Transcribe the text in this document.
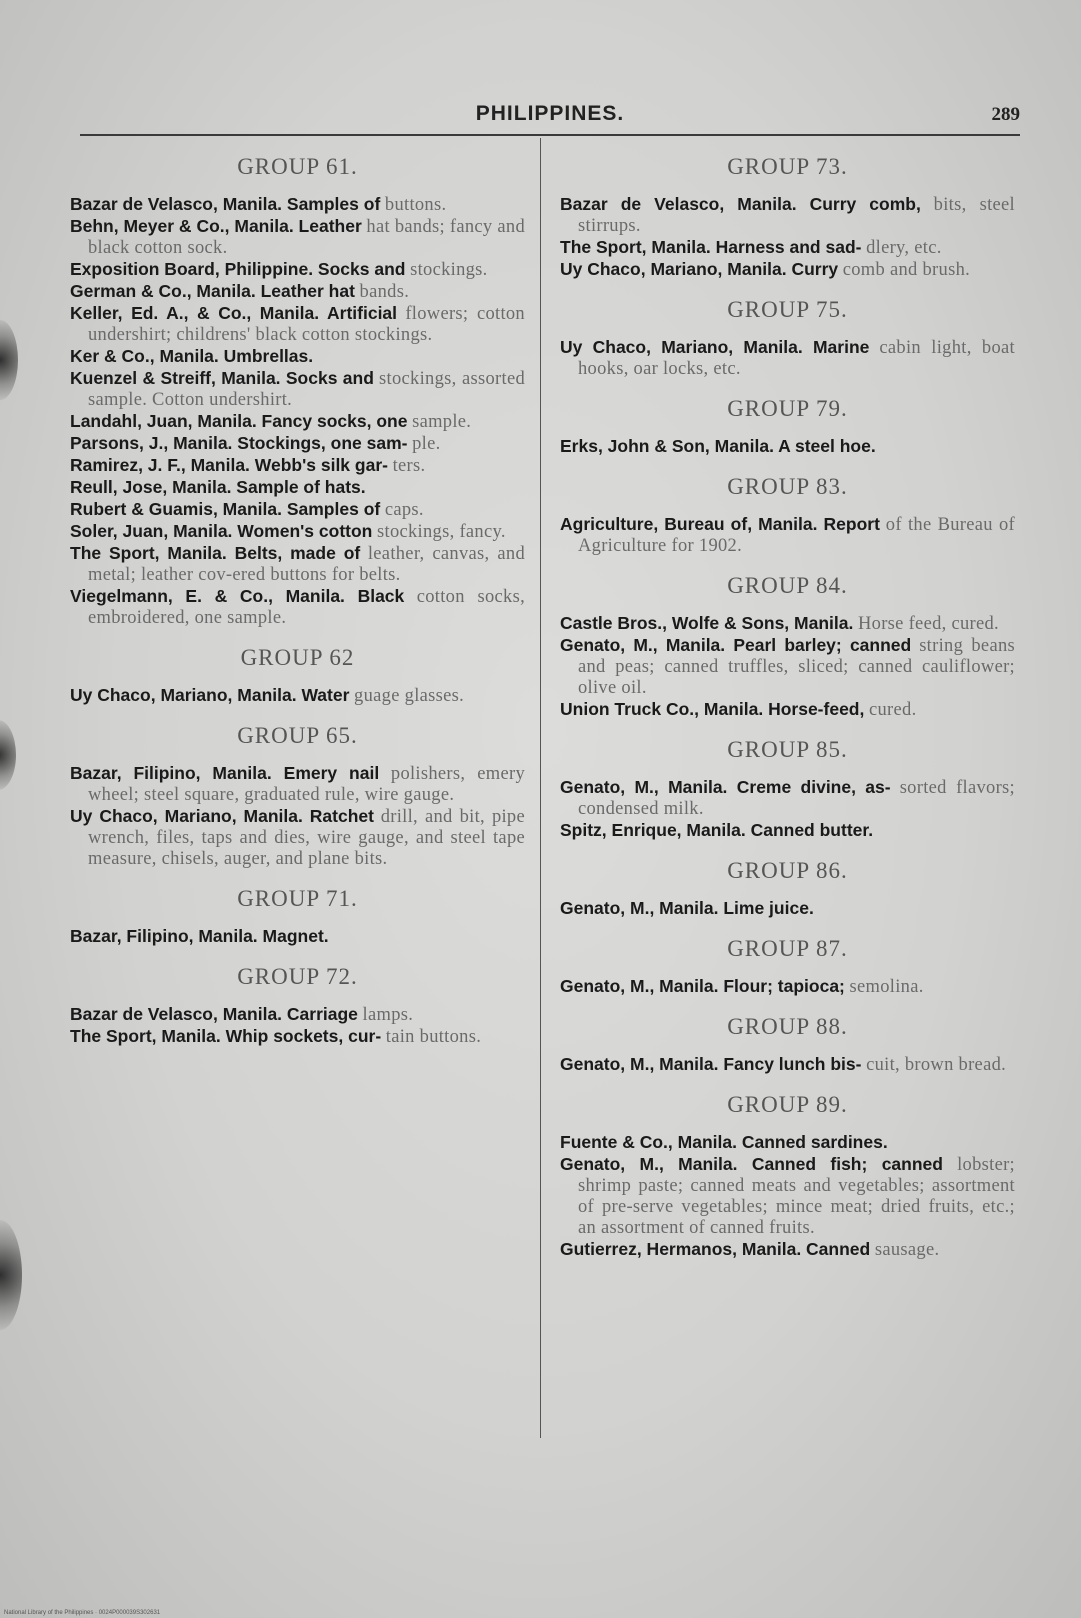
PHILIPPINES.	289
GROUP 61.
Bazar de Velasco, Manila. Samples of buttons.
Behn, Meyer & Co., Manila. Leather hat bands; fancy and black cotton sock.
Exposition Board, Philippine. Socks and stockings.
German & Co., Manila. Leather hat bands.
Keller, Ed. A., & Co., Manila. Artificial flowers; cotton undershirt; childrens' black cotton stockings.
Ker & Co., Manila. Umbrellas.
Kuenzel & Streiff, Manila. Socks and stockings, assorted sample. Cotton undershirt.
Landahl, Juan, Manila. Fancy socks, one sample.
Parsons, J., Manila. Stockings, one sam- ple.
Ramirez, J. F., Manila. Webb's silk gar- ters.
Reull, Jose, Manila. Sample of hats.
Rubert & Guamis, Manila. Samples of caps.
Soler, Juan, Manila. Women's cotton stockings, fancy.
The Sport, Manila. Belts, made of leather, canvas, and metal; leather cov-ered buttons for belts.
Viegelmann, E. & Co., Manila. Black cotton socks, embroidered, one sample.
GROUP 62
Uy Chaco, Mariano, Manila. Water guage glasses.
GROUP 65.
Bazar, Filipino, Manila. Emery nail polishers, emery wheel; steel square, graduated rule, wire gauge.
Uy Chaco, Mariano, Manila. Ratchet drill, and bit, pipe wrench, files, taps and dies, wire gauge, and steel tape measure, chisels, auger, and plane bits.
GROUP 71.
Bazar, Filipino, Manila. Magnet.
GROUP 72.
Bazar de Velasco, Manila. Carriage lamps.
The Sport, Manila. Whip sockets, cur- tain buttons.
GROUP 73.
Bazar de Velasco, Manila. Curry comb, bits, steel stirrups.
The Sport, Manila. Harness and sad- dlery, etc.
Uy Chaco, Mariano, Manila. Curry comb and brush.
GROUP 75.
Uy Chaco, Mariano, Manila. Marine cabin light, boat hooks, oar locks, etc.
GROUP 79.
Erks, John & Son, Manila. A steel hoe.
GROUP 83.
Agriculture, Bureau of, Manila. Report of the Bureau of Agriculture for 1902.
GROUP 84.
Castle Bros., Wolfe & Sons, Manila. Horse feed, cured.
Genato, M., Manila. Pearl barley; canned string beans and peas; canned truffles, sliced; canned cauliflower; olive oil.
Union Truck Co., Manila. Horse-feed, cured.
GROUP 85.
Genato, M., Manila. Creme divine, as- sorted flavors; condensed milk.
Spitz, Enrique, Manila. Canned butter.
GROUP 86.
Genato, M., Manila. Lime juice.
GROUP 87.
Genato, M., Manila. Flour; tapioca; semolina.
GROUP 88.
Genato, M., Manila. Fancy lunch bis- cuit, brown bread.
GROUP 89.
Fuente & Co., Manila. Canned sardines.
Genato, M., Manila. Canned fish; canned lobster; shrimp paste; canned meats and vegetables; assortment of pre-serve vegetables; mince meat; dried fruits, etc.; an assortment of canned fruits.
Gutierrez, Hermanos, Manila. Canned sausage.
National Library of the Philippines · 0024P000039S302631
